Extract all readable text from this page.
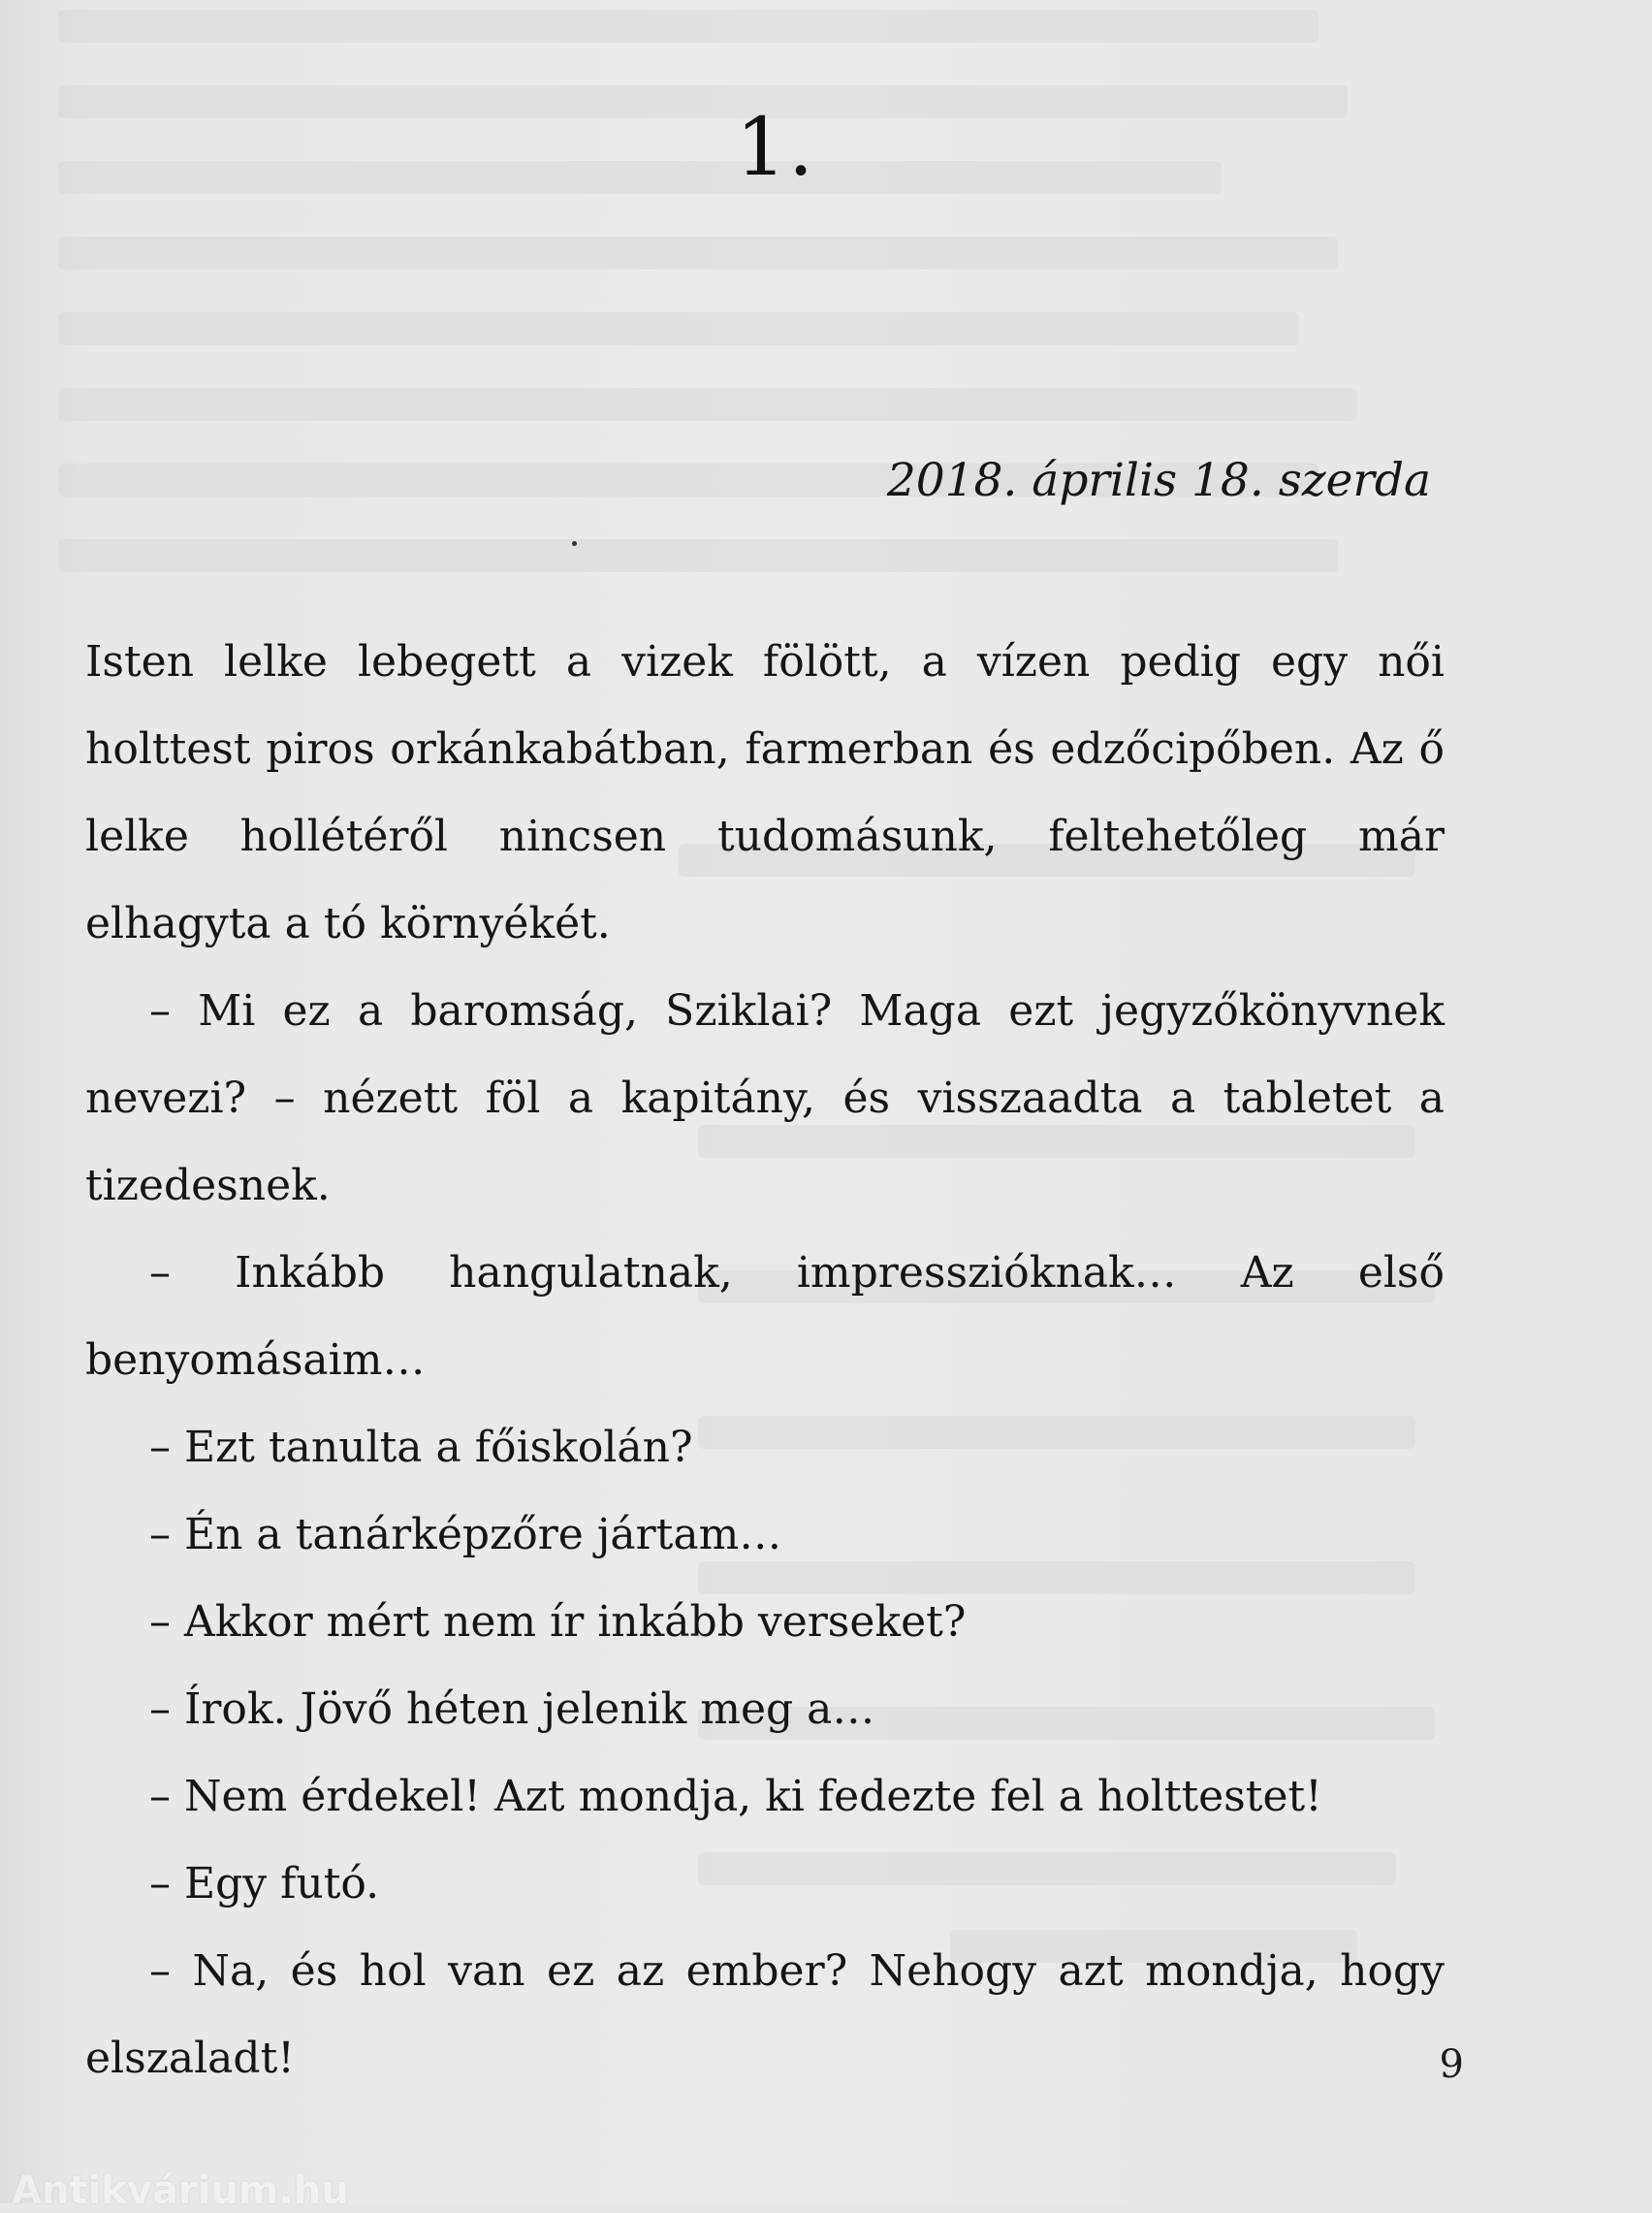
1.
2018. április 18. szerda

Isten lelke lebegett a vizek fölött, a vízen pedig egy női holttest piros orkánkabátban, farmerban és edzőcipőben. Az ő lelke hollétéről nincsen tudomásunk, feltehetőleg már elhagyta a tó környékét.

– Mi ez a baromság, Sziklai? Maga ezt jegyzőkönyvnek nevezi? – nézett föl a kapitány, és visszaadta a tabletet a tizedesnek.

– Inkább hangulatnak, impresszióknak… Az első benyomásaim…

– Ezt tanulta a főiskolán?

– Én a tanárképzőre jártam…

– Akkor mért nem ír inkább verseket?

– Írok. Jövő héten jelenik meg a…

– Nem érdekel! Azt mondja, ki fedezte fel a holttestet!

– Egy futó.

– Na, és hol van ez az ember? Nehogy azt mondja, hogy elszaladt!	9
Antikvárium.hu
